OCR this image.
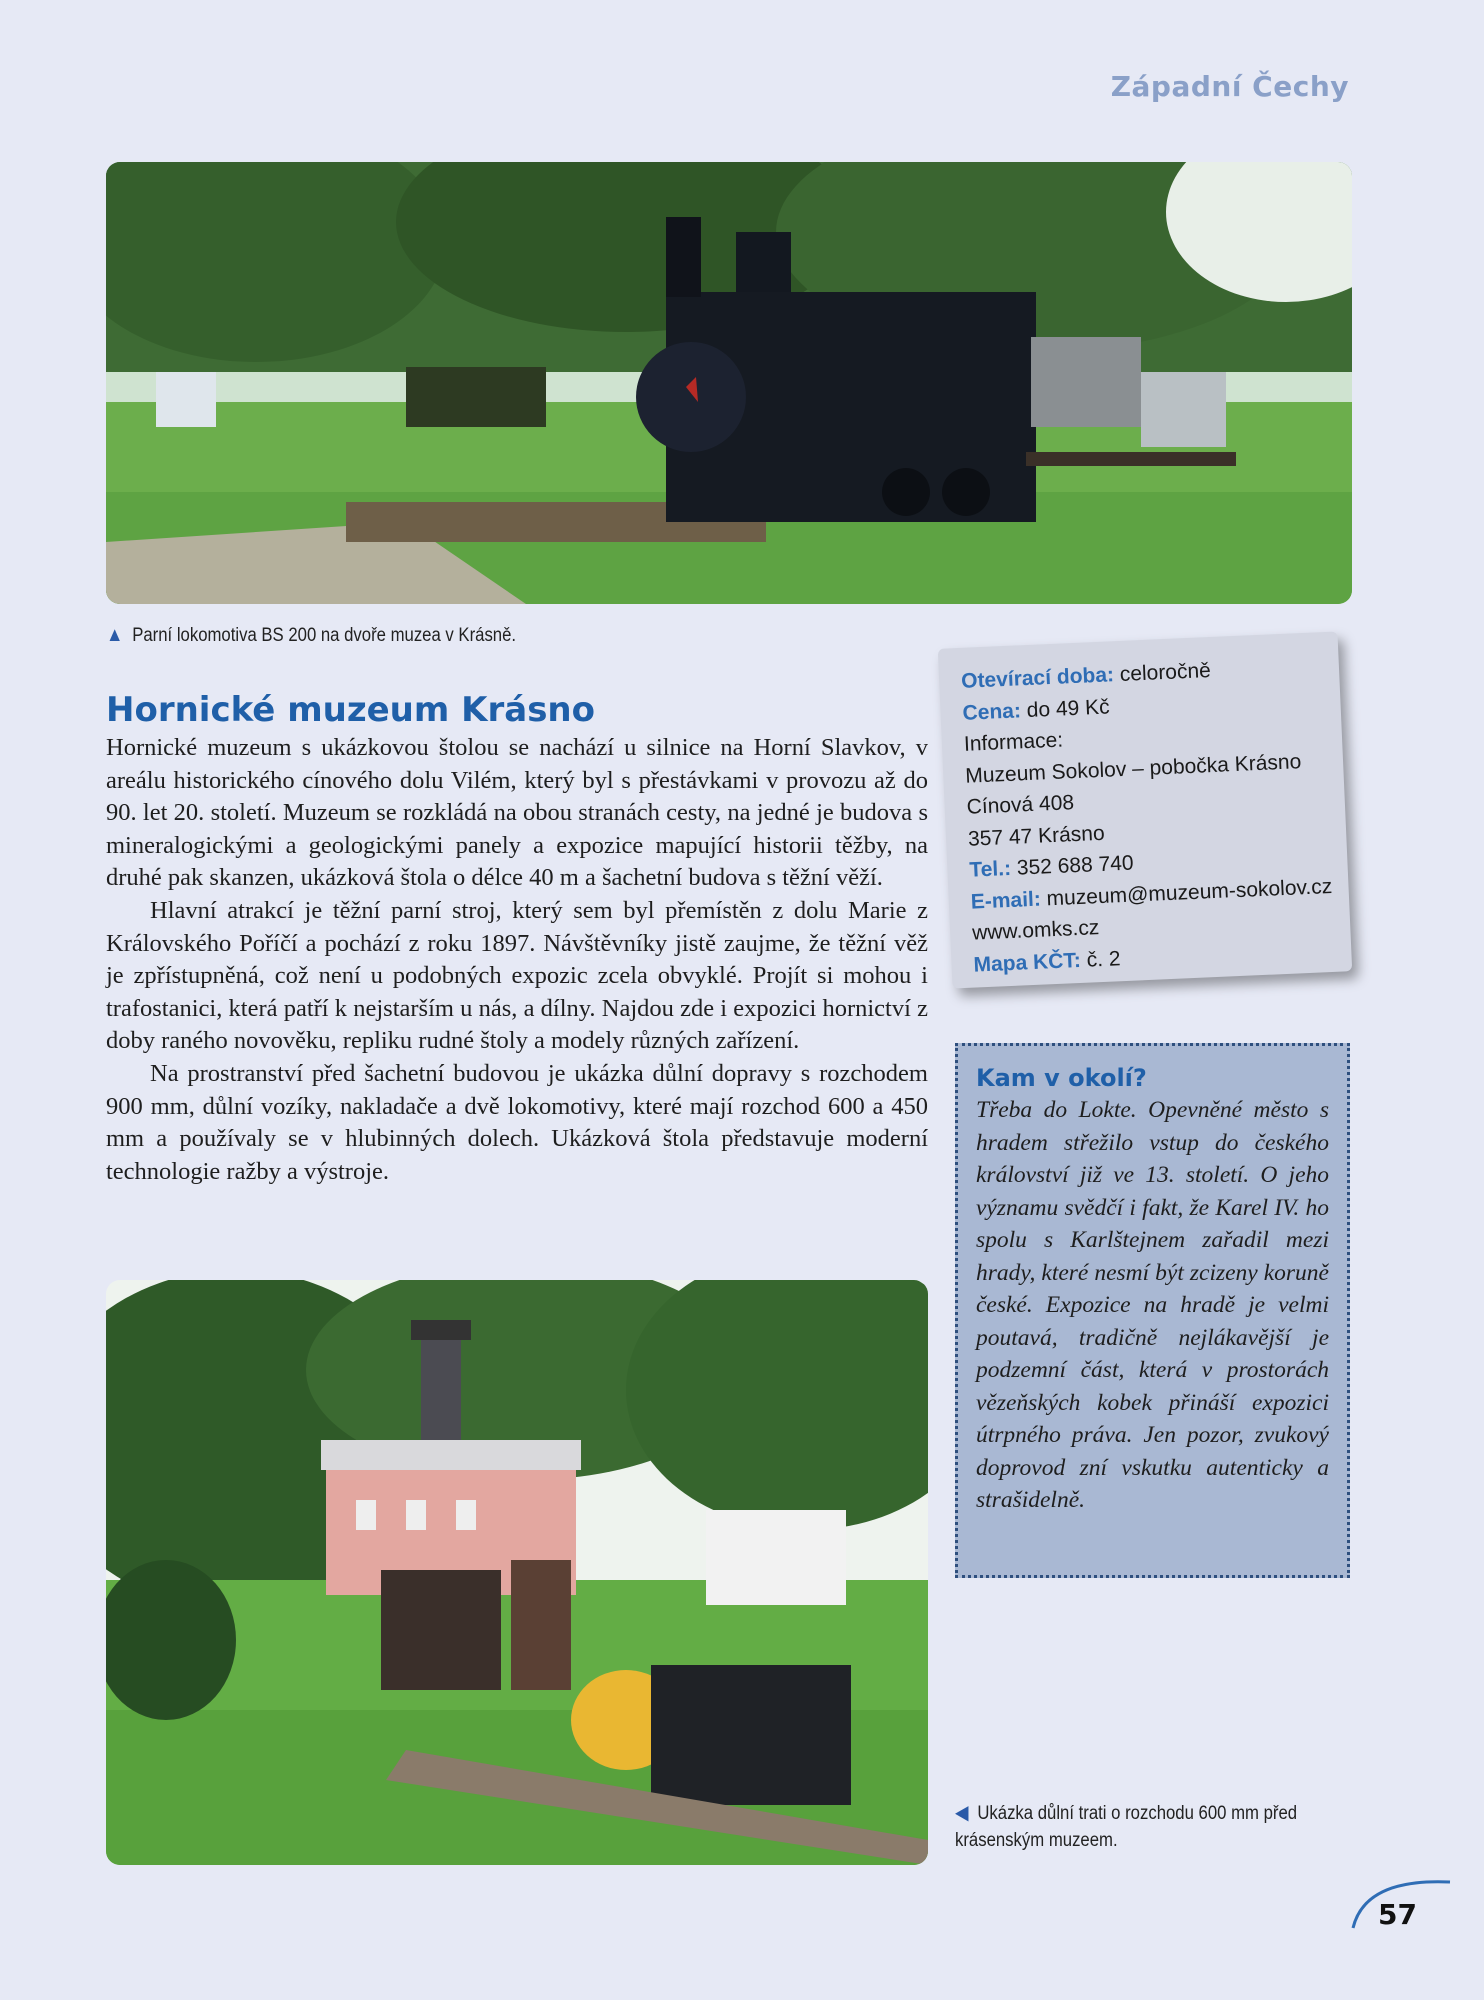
Západní Čechy
▲ Parní lokomotiva BS 200 na dvoře muzea v Krásně.
Hornické muzeum Krásno

Hornické muzeum s ukázkovou štolou se nachází u silnice na Horní Slavkov, v areálu historického cínového dolu Vilém, který byl s přestávkami v provozu až do 90. let 20. století. Muzeum se rozkládá na obou stranách cesty, na jedné je budova s mineralogickými a geologickými panely a expozice mapující historii těžby, na druhé pak skanzen, ukázková štola o délce 40 m a šachetní budova s těžní věží.

Hlavní atrakcí je těžní parní stroj, který sem byl přemístěn z dolu Marie z Královského Poříčí a pochází z roku 1897. Návštěvníky jistě zaujme, že těžní věž je zpřístupněná, což není u podobných expozic zcela obvyklé. Projít si mohou i trafostanici, která patří k nejstarším u nás, a dílny. Najdou zde i expozici hornictví z doby raného novověku, repliku rudné štoly a modely různých zařízení.

Na prostranství před šachetní budovou je ukázka důlní dopravy s rozchodem 900 mm, důlní vozíky, nakladače a dvě lokomotivy, které mají rozchod 600 a 450 mm a používaly se v hlubinných dolech. Ukázková štola představuje moderní technologie ražby a výstroje.

Otevírací doba: celoročně
Cena: do 49 Kč
Informace:
Muzeum Sokolov – pobočka Krásno
Cínová 408
357 47 Krásno
Tel.: 352 688 740
E-mail: muzeum@muzeum-sokolov.cz
www.omks.cz
Mapa KČT: č. 2
Kam v okolí?

Třeba do Lokte. Opevněné město s hradem střežilo vstup do českého království již ve 13. století. O jeho významu svědčí i fakt, že Karel IV. ho spolu s Karlštejnem zařadil mezi hrady, které nesmí být zcizeny koruně české. Expozice na hradě je velmi poutavá, tradičně nejlákavější je podzemní část, která v prostorách vězeňských kobek přináší expozici útrpného práva. Jen pozor, zvukový doprovod zní vskutku autenticky a strašidelně.

◀ Ukázka důlní trati o rozchodu 600 mm před krásenským muzeem.
57
